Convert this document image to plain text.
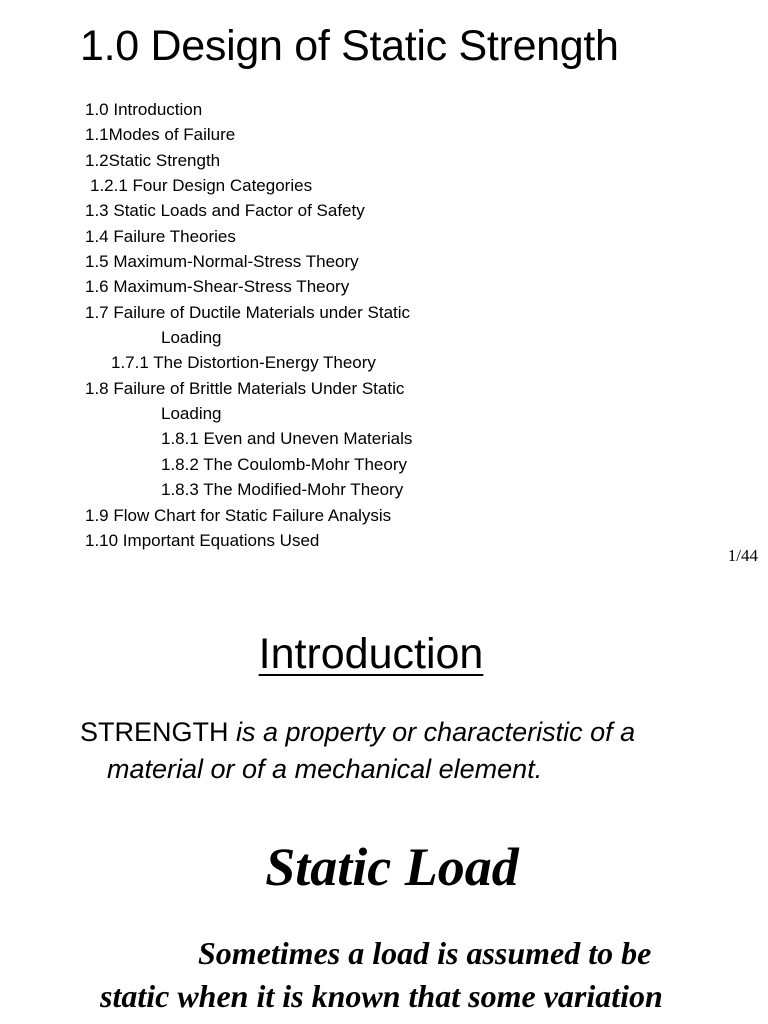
1.0 Design of Static Strength
1.0 Introduction
1.1Modes of Failure
1.2Static Strength
1.2.1 Four Design Categories
1.3 Static Loads and Factor of Safety
1.4 Failure Theories
1.5 Maximum-Normal-Stress Theory
1.6 Maximum-Shear-Stress Theory
1.7 Failure of Ductile Materials under Static
Loading
1.7.1 The Distortion-Energy Theory
1.8 Failure of Brittle Materials Under Static
Loading
1.8.1 Even and Uneven Materials
1.8.2 The Coulomb-Mohr Theory
1.8.3 The Modified-Mohr Theory
1.9 Flow Chart for Static Failure Analysis
1.10 Important Equations Used
1/44
Introduction

STRENGTH is a property or characteristic of a
material or of a mechanical element.

Static Load

Sometimes a load is assumed to be
static when it is known that some variation
